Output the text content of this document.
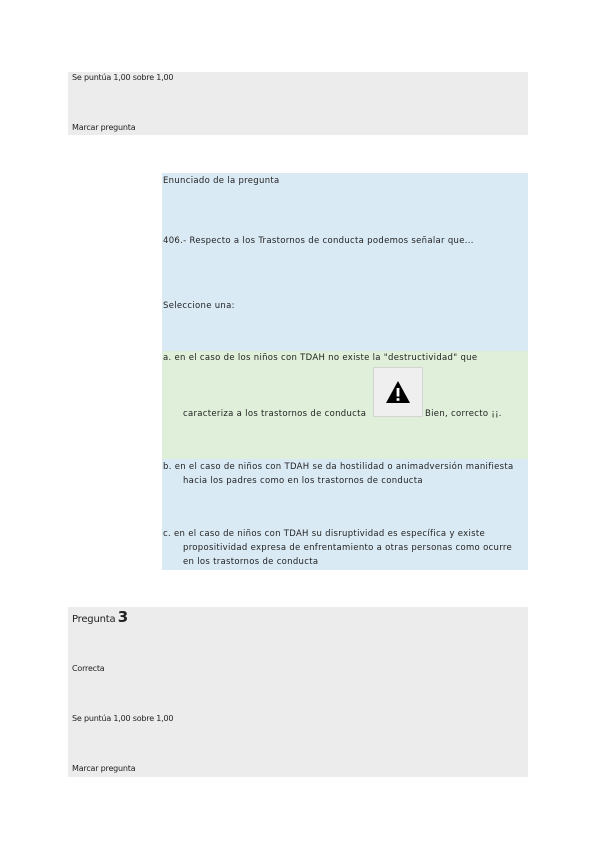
Se puntúa 1,00 sobre 1,00
Marcar pregunta
Enunciado de la pregunta
406.- Respecto a los Trastornos de conducta podemos señalar que...
Seleccione una:
a. en el caso de los niños con TDAH no existe la "destructividad" que
caracteriza a los trastornos de conducta	Bien, correcto ¡¡.
b. en el caso de niños con TDAH se da hostilidad o animadversión manifiesta
hacia los padres como en los trastornos de conducta
c. en el caso de niños con TDAH su disruptividad es específica y existe
propositividad expresa de enfrentamiento a otras personas como ocurre
en los trastornos de conducta
Pregunta 3
Correcta
Se puntúa 1,00 sobre 1,00
Marcar pregunta
